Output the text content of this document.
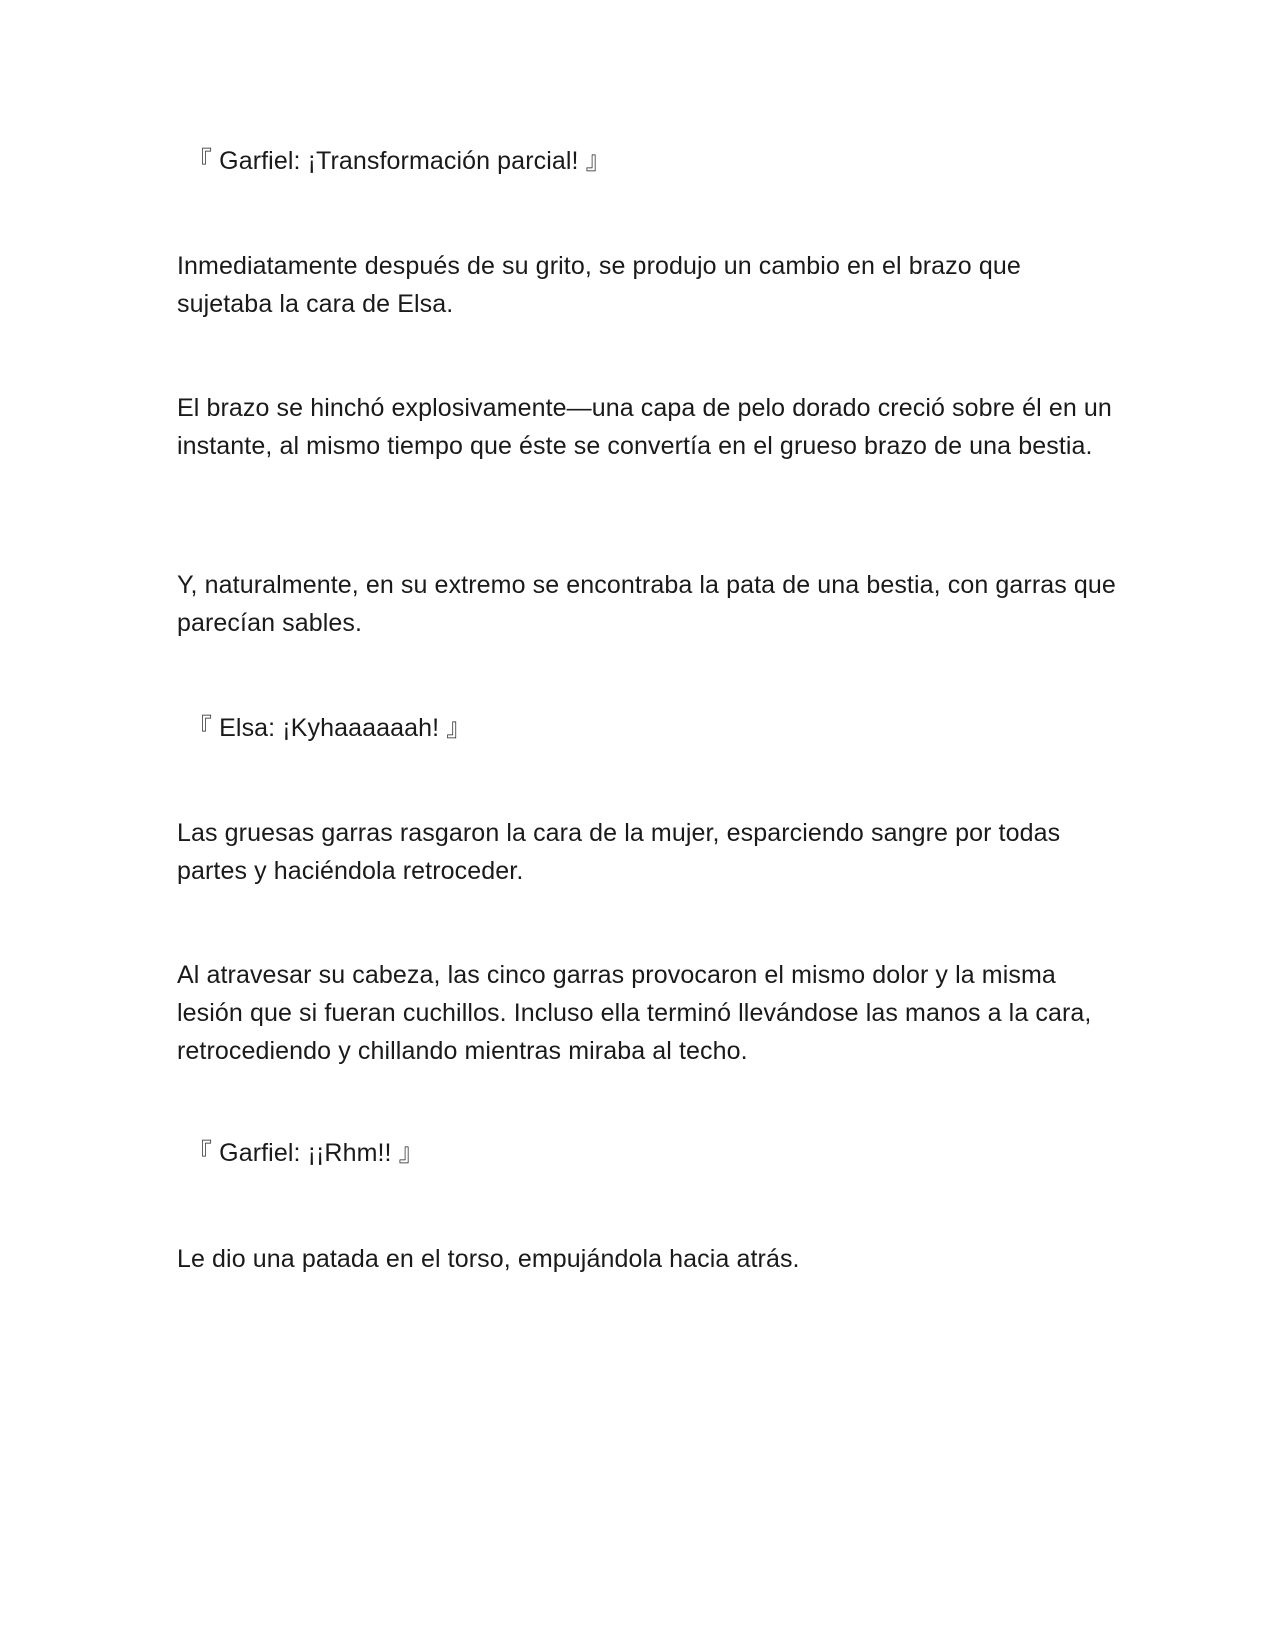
『 Garfiel: ¡Transformación parcial! 』

Inmediatamente después de su grito, se produjo un cambio en el brazo que sujetaba la cara de Elsa.

El brazo se hinchó explosivamente—una capa de pelo dorado creció sobre él en un instante, al mismo tiempo que éste se convertía en el grueso brazo de una bestia.

Y, naturalmente, en su extremo se encontraba la pata de una bestia, con garras que parecían sables.

『 Elsa: ¡Kyhaaaaaah! 』

Las gruesas garras rasgaron la cara de la mujer, esparciendo sangre por todas partes y haciéndola retroceder.

Al atravesar su cabeza, las cinco garras provocaron el mismo dolor y la misma lesión que si fueran cuchillos. Incluso ella terminó llevándose las manos a la cara, retrocediendo y chillando mientras miraba al techo.

『 Garfiel: ¡¡Rhm!! 』

Le dio una patada en el torso, empujándola hacia atrás.
